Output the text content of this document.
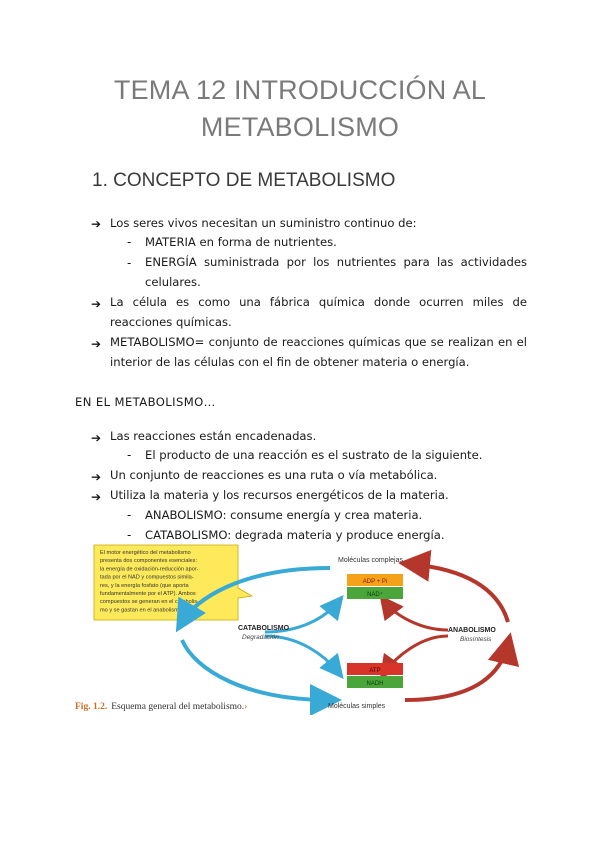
TEMA 12 INTRODUCCIÓN AL
METABOLISMO
1. CONCEPTO DE METABOLISMO
➔ Los seres vivos necesitan un suministro continuo de:
- MATERIA en forma de nutrientes.
- ENERGÍA suministrada por los nutrientes para las actividades celulares.
➔ La célula es como una fábrica química donde ocurren miles de reacciones químicas.
➔ METABOLISMO= conjunto de reacciones químicas que se realizan en el interior de las células con el fin de obtener materia o energía.
EN EL METABOLISMO…
➔ Las reacciones están encadenadas.
- El producto de una reacción es el sustrato de la siguiente.
➔ Un conjunto de reacciones es una ruta o vía metabólica.
➔ Utiliza la materia y los recursos energéticos de la materia.
- ANABOLISMO: consume energía y crea materia.
- CATABOLISMO: degrada materia y produce energía.
El motor energético del metabolismo presenta dos componentes esenciales: la energía de oxidación-reducción apor-tada por el NAD y compuestos simila-res, y la energía fosfato (que aporta fundamentalmente por el ATP). Ambos compuestos se generan en el catabolis-mo y se gastan en el anabolismo.
Moléculas complejas
Moléculas simples
CATABOLISMO
Degradación
ANABOLISMO
Biosíntesis
ADP + Pi
NAD⁺
ATP
NADH
Fig. 1.2. Esquema general del metabolismo.›
